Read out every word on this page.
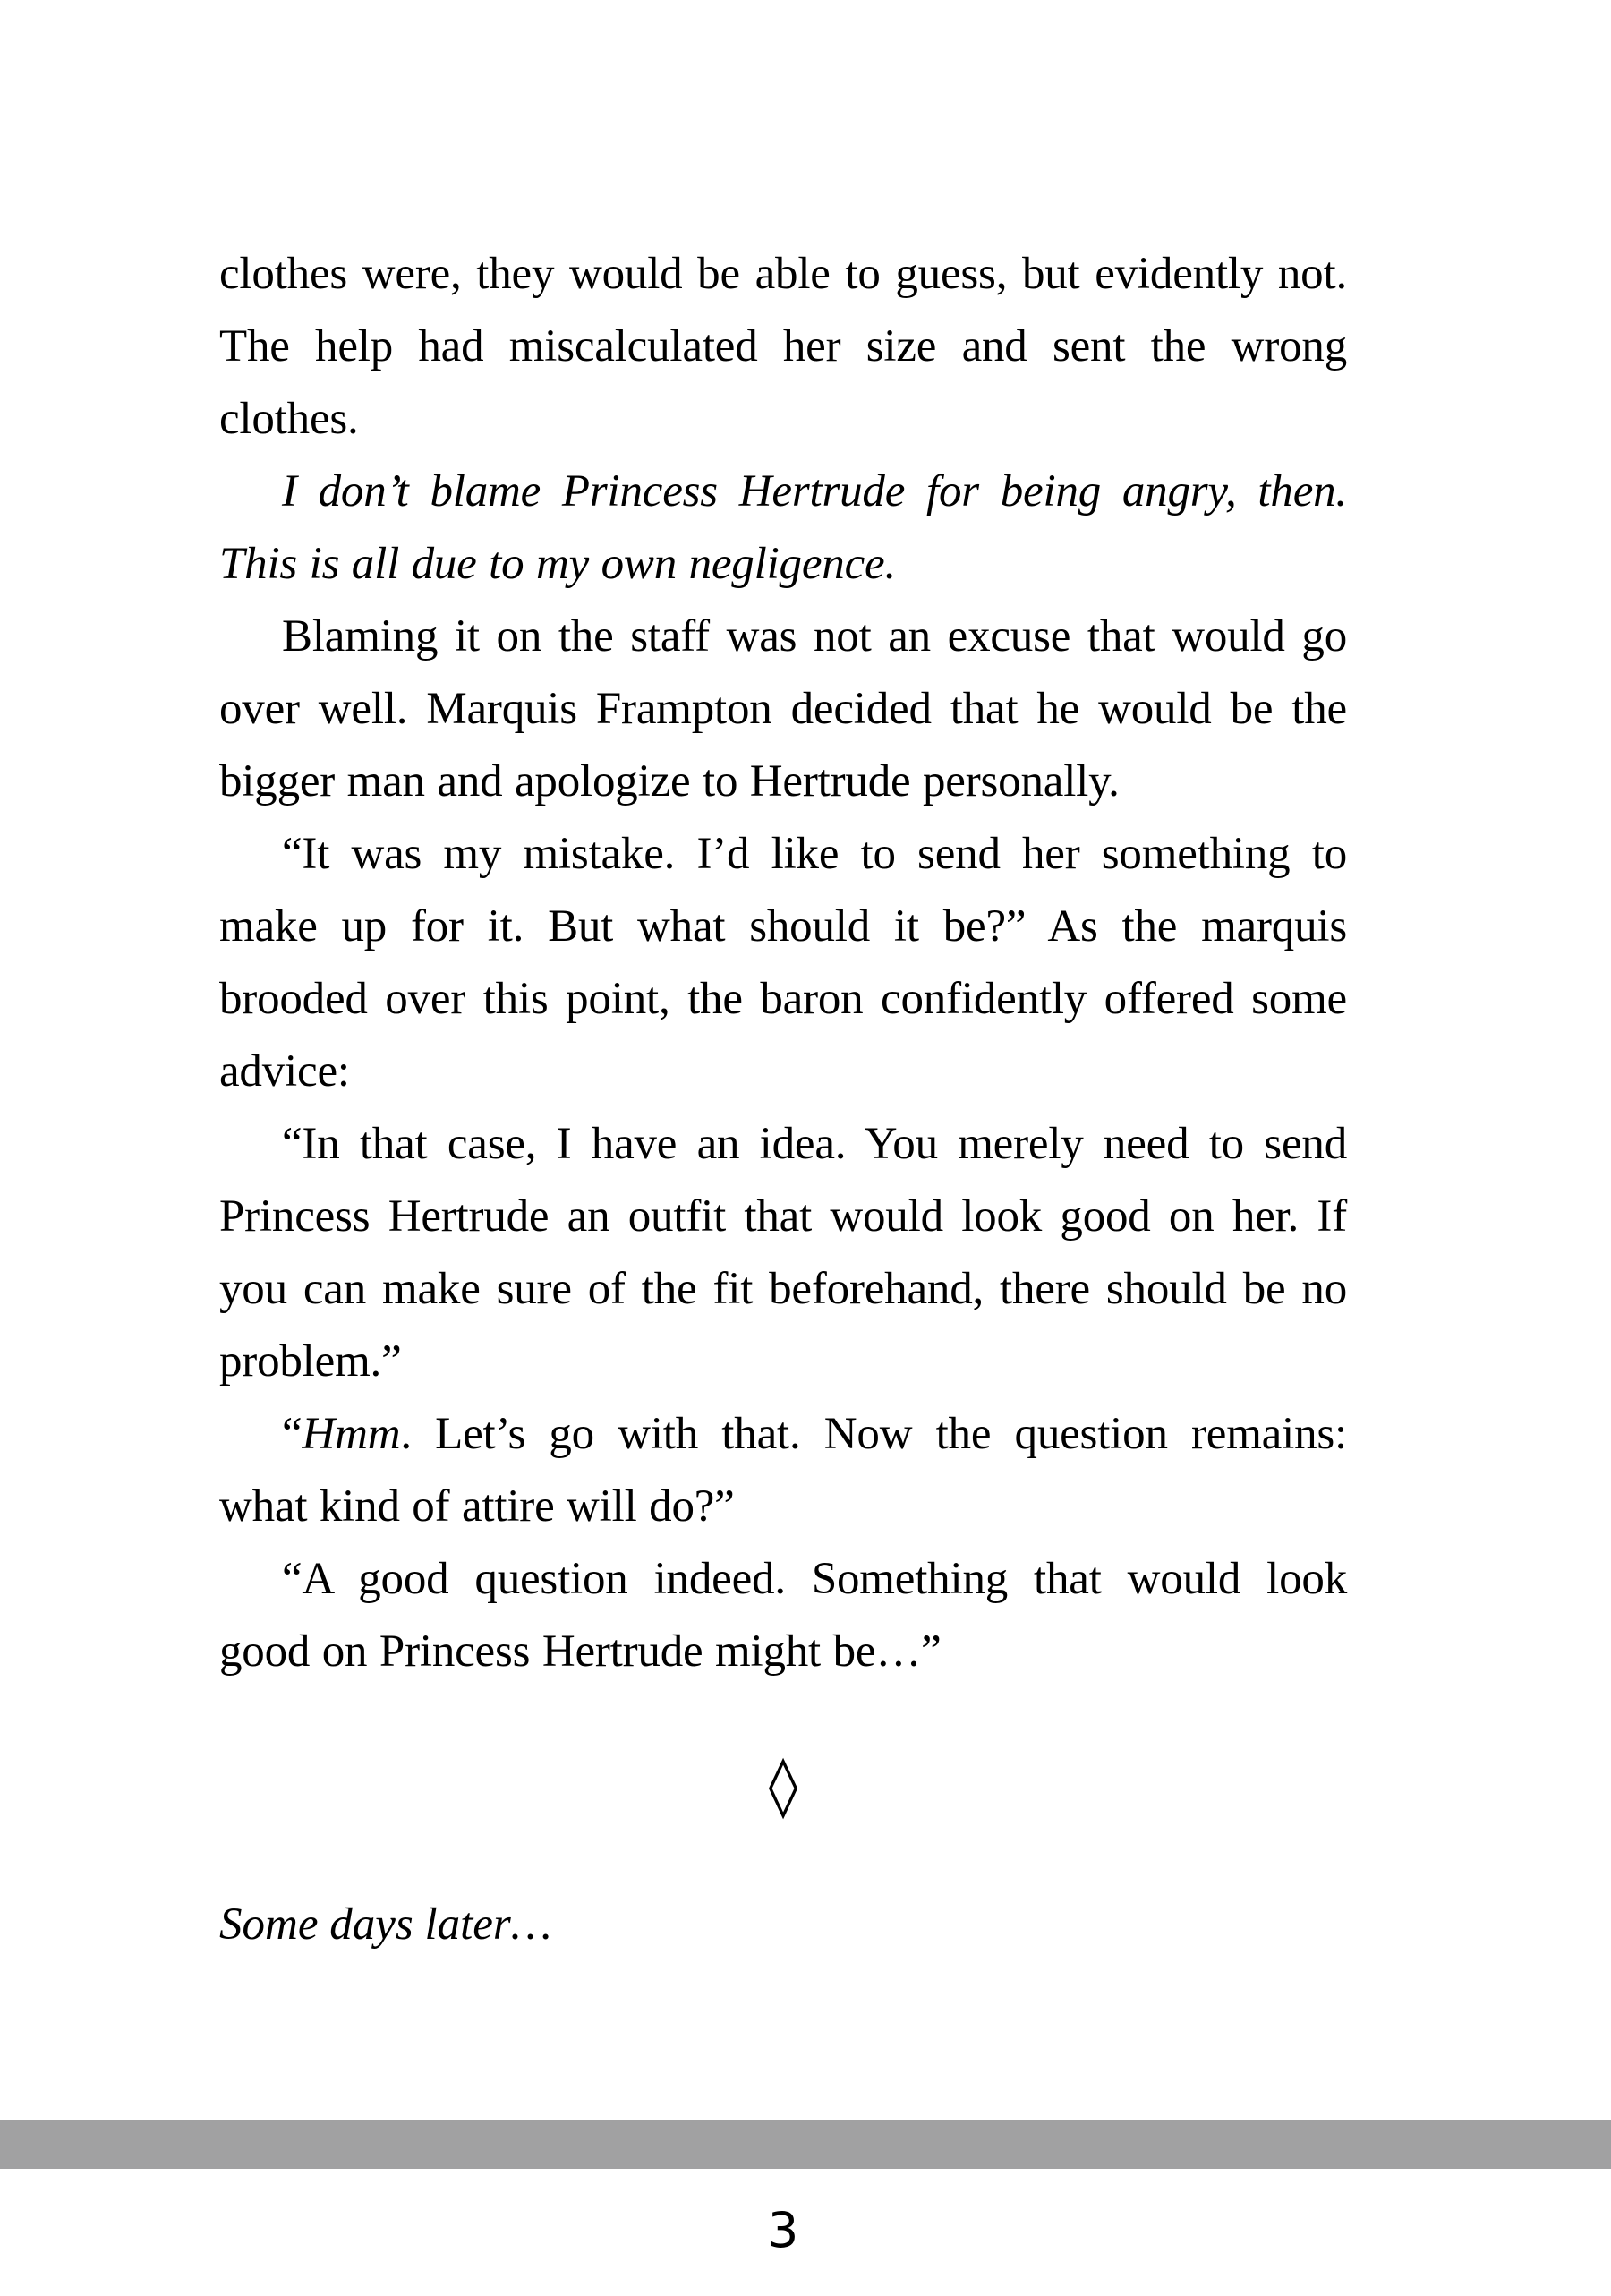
clothes were, they would be able to guess, but evidently not. The help had miscalculated her size and sent the wrong clothes.

I don’t blame Princess Hertrude for being angry, then. This is all due to my own negligence.

Blaming it on the staff was not an excuse that would go over well. Marquis Frampton decided that he would be the bigger man and apologize to Hertrude personally.

“It was my mistake. I’d like to send her something to make up for it. But what should it be?” As the marquis brooded over this point, the baron confidently offered some advice:

“In that case, I have an idea. You merely need to send Princess Hertrude an outfit that would look good on her. If you can make sure of the fit beforehand, there should be no problem.”

“Hmm. Let’s go with that. Now the question remains: what kind of attire will do?”

“A good question indeed. Something that would look good on Princess Hertrude might be…”

◊
Some days later…
3
